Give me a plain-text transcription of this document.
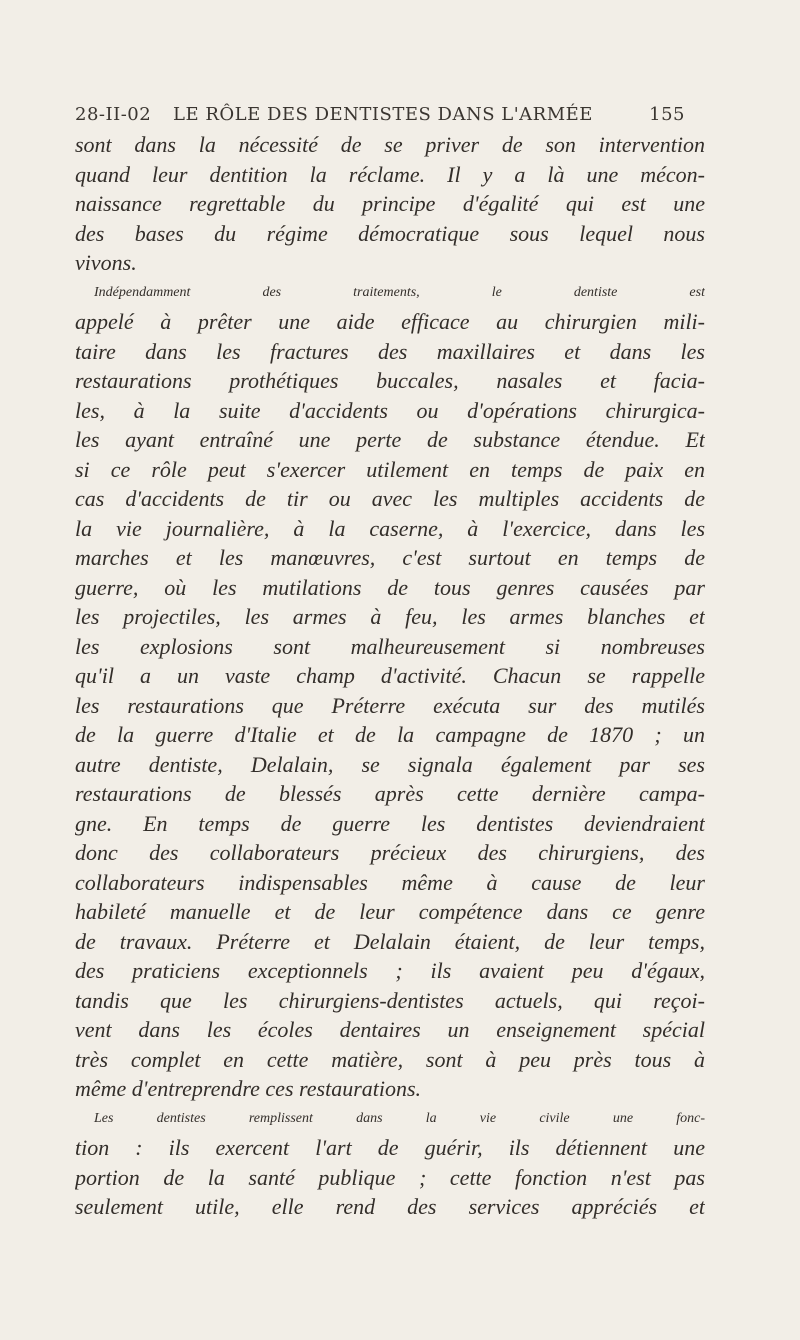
28-II-02 LE RÔLE DES DENTISTES DANS L'ARMÉE	155
sont dans la nécessité de se priver de son intervention
quand leur dentition la réclame. Il y a là une mécon-
naissance regrettable du principe d'égalité qui est une
des bases du régime démocratique sous lequel nous
vivons.
Indépendamment des traitements, le dentiste est
appelé à prêter une aide efficace au chirurgien mili-
taire dans les fractures des maxillaires et dans les
restaurations prothétiques buccales, nasales et facia-
les, à la suite d'accidents ou d'opérations chirurgica-
les ayant entraîné une perte de substance étendue. Et
si ce rôle peut s'exercer utilement en temps de paix en
cas d'accidents de tir ou avec les multiples accidents de
la vie journalière, à la caserne, à l'exercice, dans les
marches et les manœuvres, c'est surtout en temps de
guerre, où les mutilations de tous genres causées par
les projectiles, les armes à feu, les armes blanches et
les explosions sont malheureusement si nombreuses
qu'il a un vaste champ d'activité. Chacun se rappelle
les restaurations que Préterre exécuta sur des mutilés
de la guerre d'Italie et de la campagne de 1870 ; un
autre dentiste, Delalain, se signala également par ses
restaurations de blessés après cette dernière campa-
gne. En temps de guerre les dentistes deviendraient
donc des collaborateurs précieux des chirurgiens, des
collaborateurs indispensables même à cause de leur
habileté manuelle et de leur compétence dans ce genre
de travaux. Préterre et Delalain étaient, de leur temps,
des praticiens exceptionnels ; ils avaient peu d'égaux,
tandis que les chirurgiens-dentistes actuels, qui reçoi-
vent dans les écoles dentaires un enseignement spécial
très complet en cette matière, sont à peu près tous à
même d'entreprendre ces restaurations.
Les dentistes remplissent dans la vie civile une fonc-
tion : ils exercent l'art de guérir, ils détiennent une
portion de la santé publique ; cette fonction n'est pas
seulement utile, elle rend des services appréciés et
